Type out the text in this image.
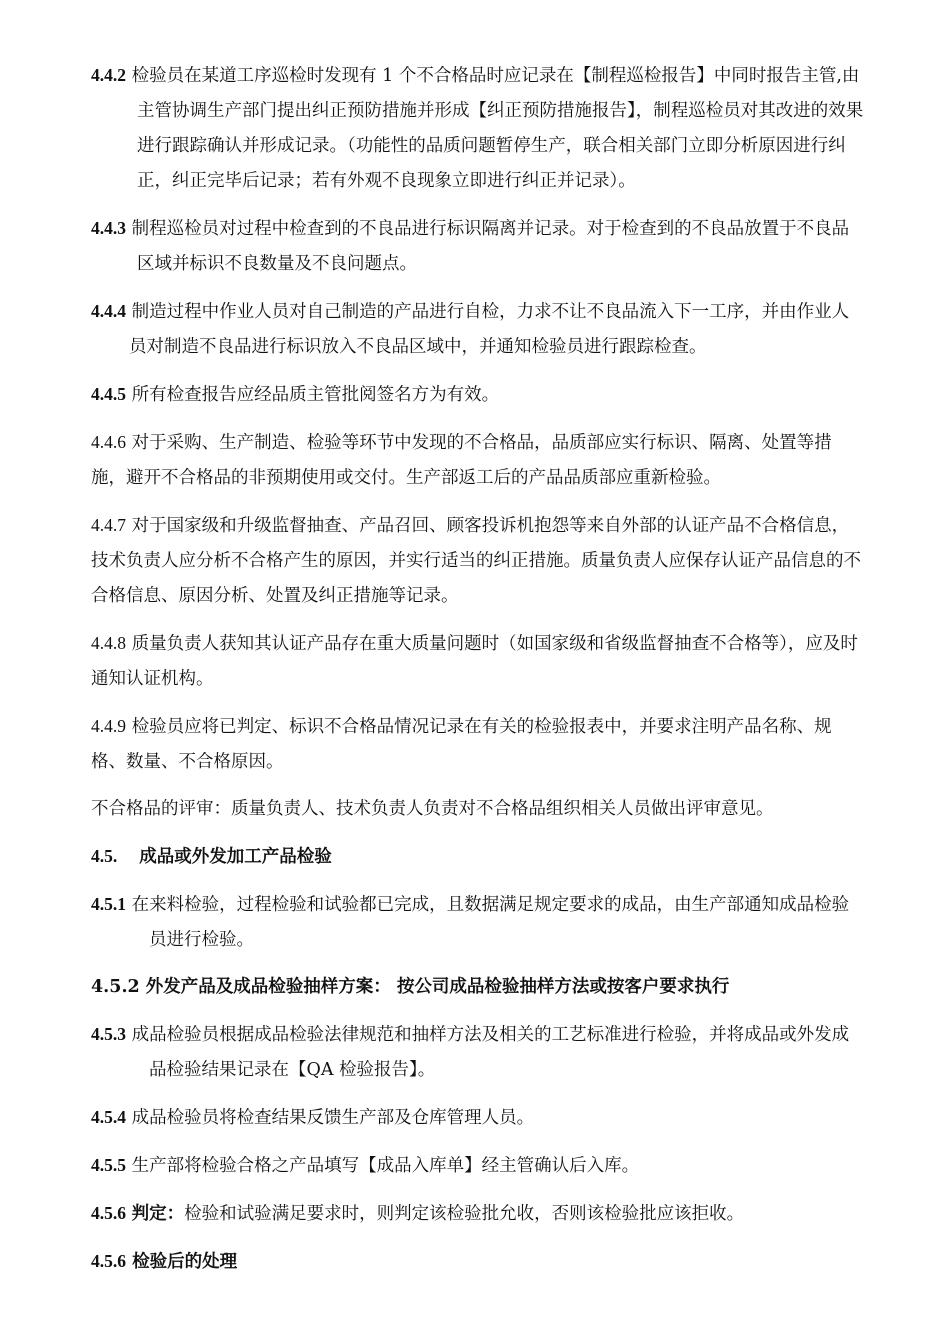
4.4.2 检验员在某道工序巡检时发现有 1 个不合格品时应记录在【制程巡检报告】中同时报告主管,由主管协调生产部门提出纠正预防措施并形成【纠正预防措施报告】，制程巡检员对其改进的效果进行跟踪确认并形成记录。（功能性的品质问题暂停生产，联合相关部门立即分析原因进行纠正，纠正完毕后记录；若有外观不良现象立即进行纠正并记录）。

4.4.3 制程巡检员对过程中检查到的不良品进行标识隔离并记录。对于检查到的不良品放置于不良品区域并标识不良数量及不良问题点。

4.4.4 制造过程中作业人员对自己制造的产品进行自检，力求不让不良品流入下一工序，并由作业人员对制造不良品进行标识放入不良品区域中，并通知检验员进行跟踪检查。

4.4.5 所有检查报告应经品质主管批阅签名方为有效。

4.4.6 对于采购、生产制造、检验等环节中发现的不合格品，品质部应实行标识、隔离、处置等措施，避开不合格品的非预期使用或交付。生产部返工后的产品品质部应重新检验。

4.4.7 对于国家级和升级监督抽查、产品召回、顾客投诉机抱怨等来自外部的认证产品不合格信息，技术负责人应分析不合格产生的原因，并实行适当的纠正措施。质量负责人应保存认证产品信息的不合格信息、原因分析、处置及纠正措施等记录。

4.4.8 质量负责人获知其认证产品存在重大质量问题时（如国家级和省级监督抽查不合格等），应及时通知认证机构。

4.4.9 检验员应将已判定、标识不合格品情况记录在有关的检验报表中，并要求注明产品名称、规格、数量、不合格原因。

不合格品的评审：质量负责人、技术负责人负责对不合格品组织相关人员做出评审意见。

4.5. 成品或外发加工产品检验

4.5.1 在来料检验，过程检验和试验都已完成，且数据满足规定要求的成品，由生产部通知成品检验员进行检验。

4.5.2 外发产品及成品检验抽样方案： 按公司成品检验抽样方法或按客户要求执行

4.5.3 成品检验员根据成品检验法律规范和抽样方法及相关的工艺标准进行检验，并将成品或外发成品检验结果记录在【QA 检验报告】。

4.5.4 成品检验员将检查结果反馈生产部及仓库管理人员。

4.5.5 生产部将检验合格之产品填写【成品入库单】经主管确认后入库。

4.5.6 判定：检验和试验满足要求时，则判定该检验批允收，否则该检验批应该拒收。

4.5.6 检验后的处理
